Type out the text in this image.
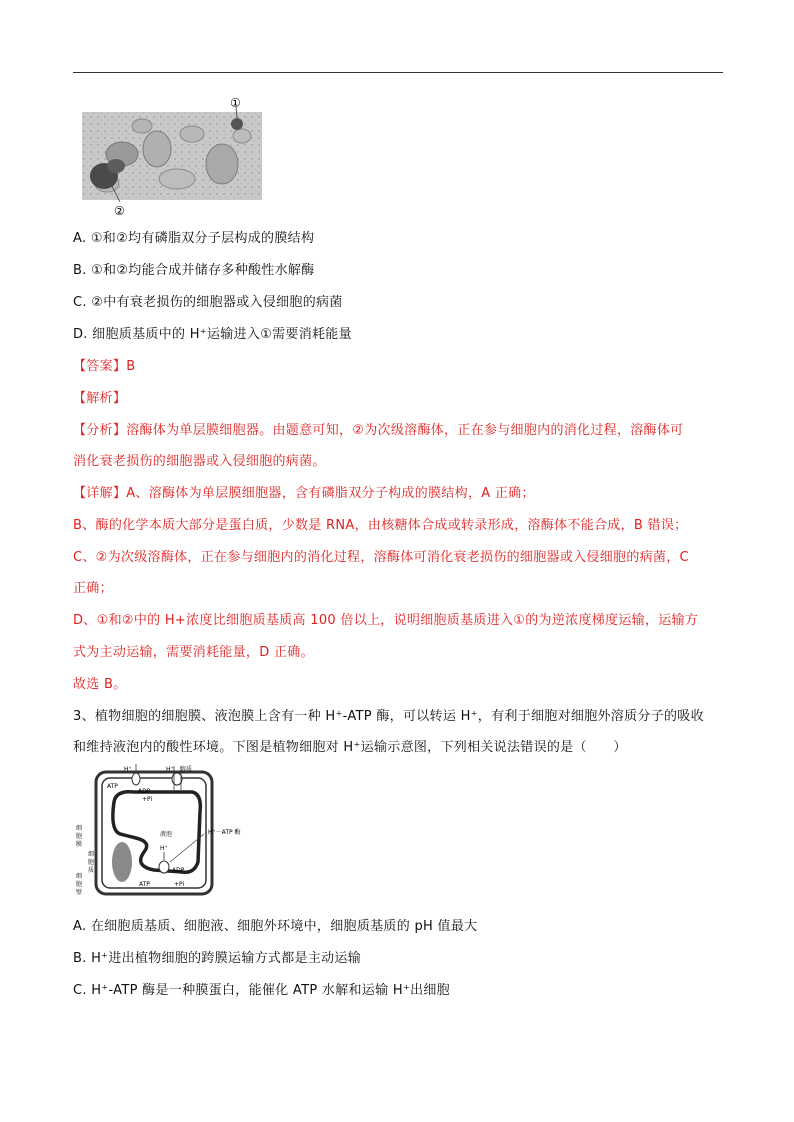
①
②
A. ①和②均有磷脂双分子层构成的膜结构
B. ①和②均能合成并储存多种酸性水解酶
C. ②中有衰老损伤的细胞器或入侵细胞的病菌
D. 细胞质基质中的 H⁺运输进入①需要消耗能量
【答案】B
【解析】
【分析】溶酶体为单层膜细胞器。由题意可知，②为次级溶酶体，正在参与细胞内的消化过程，溶酶体可
消化衰老损伤的细胞器或入侵细胞的病菌。
【详解】A、溶酶体为单层膜细胞器，含有磷脂双分子构成的膜结构，A 正确；
B、酶的化学本质大部分是蛋白质，少数是 RNA，由核糖体合成或转录形成，溶酶体不能合成，B 错误；
C、②为次级溶酶体，正在参与细胞内的消化过程，溶酶体可消化衰老损伤的细胞器或入侵细胞的病菌，C
正确；
D、①和②中的 H+浓度比细胞质基质高 100 倍以上，说明细胞质基质进入①的为逆浓度梯度运输，运输方
式为主动运输，需要消耗能量，D 正确。
故选 B。
3、植物细胞的细胞膜、液泡膜上含有一种 H⁺-ATP 酶，可以转运 H⁺，有利于细胞对细胞外溶质分子的吸收
和维持液泡内的酸性环境。下图是植物细胞对 H⁺运输示意图，下列相关说法错误的是（　　）
H⁺	H⁺ 溶质
ATP
ADP
+Pi
液泡
H⁺
H⁺－ATP 酶
ADP
ATP	+Pi
细
胞
膜
细
胞
质
细
胞
壁
A. 在细胞质基质、细胞液、细胞外环境中，细胞质基质的 pH 值最大
B. H⁺进出植物细胞的跨膜运输方式都是主动运输
C. H⁺-ATP 酶是一种膜蛋白，能催化 ATP 水解和运输 H⁺出细胞
